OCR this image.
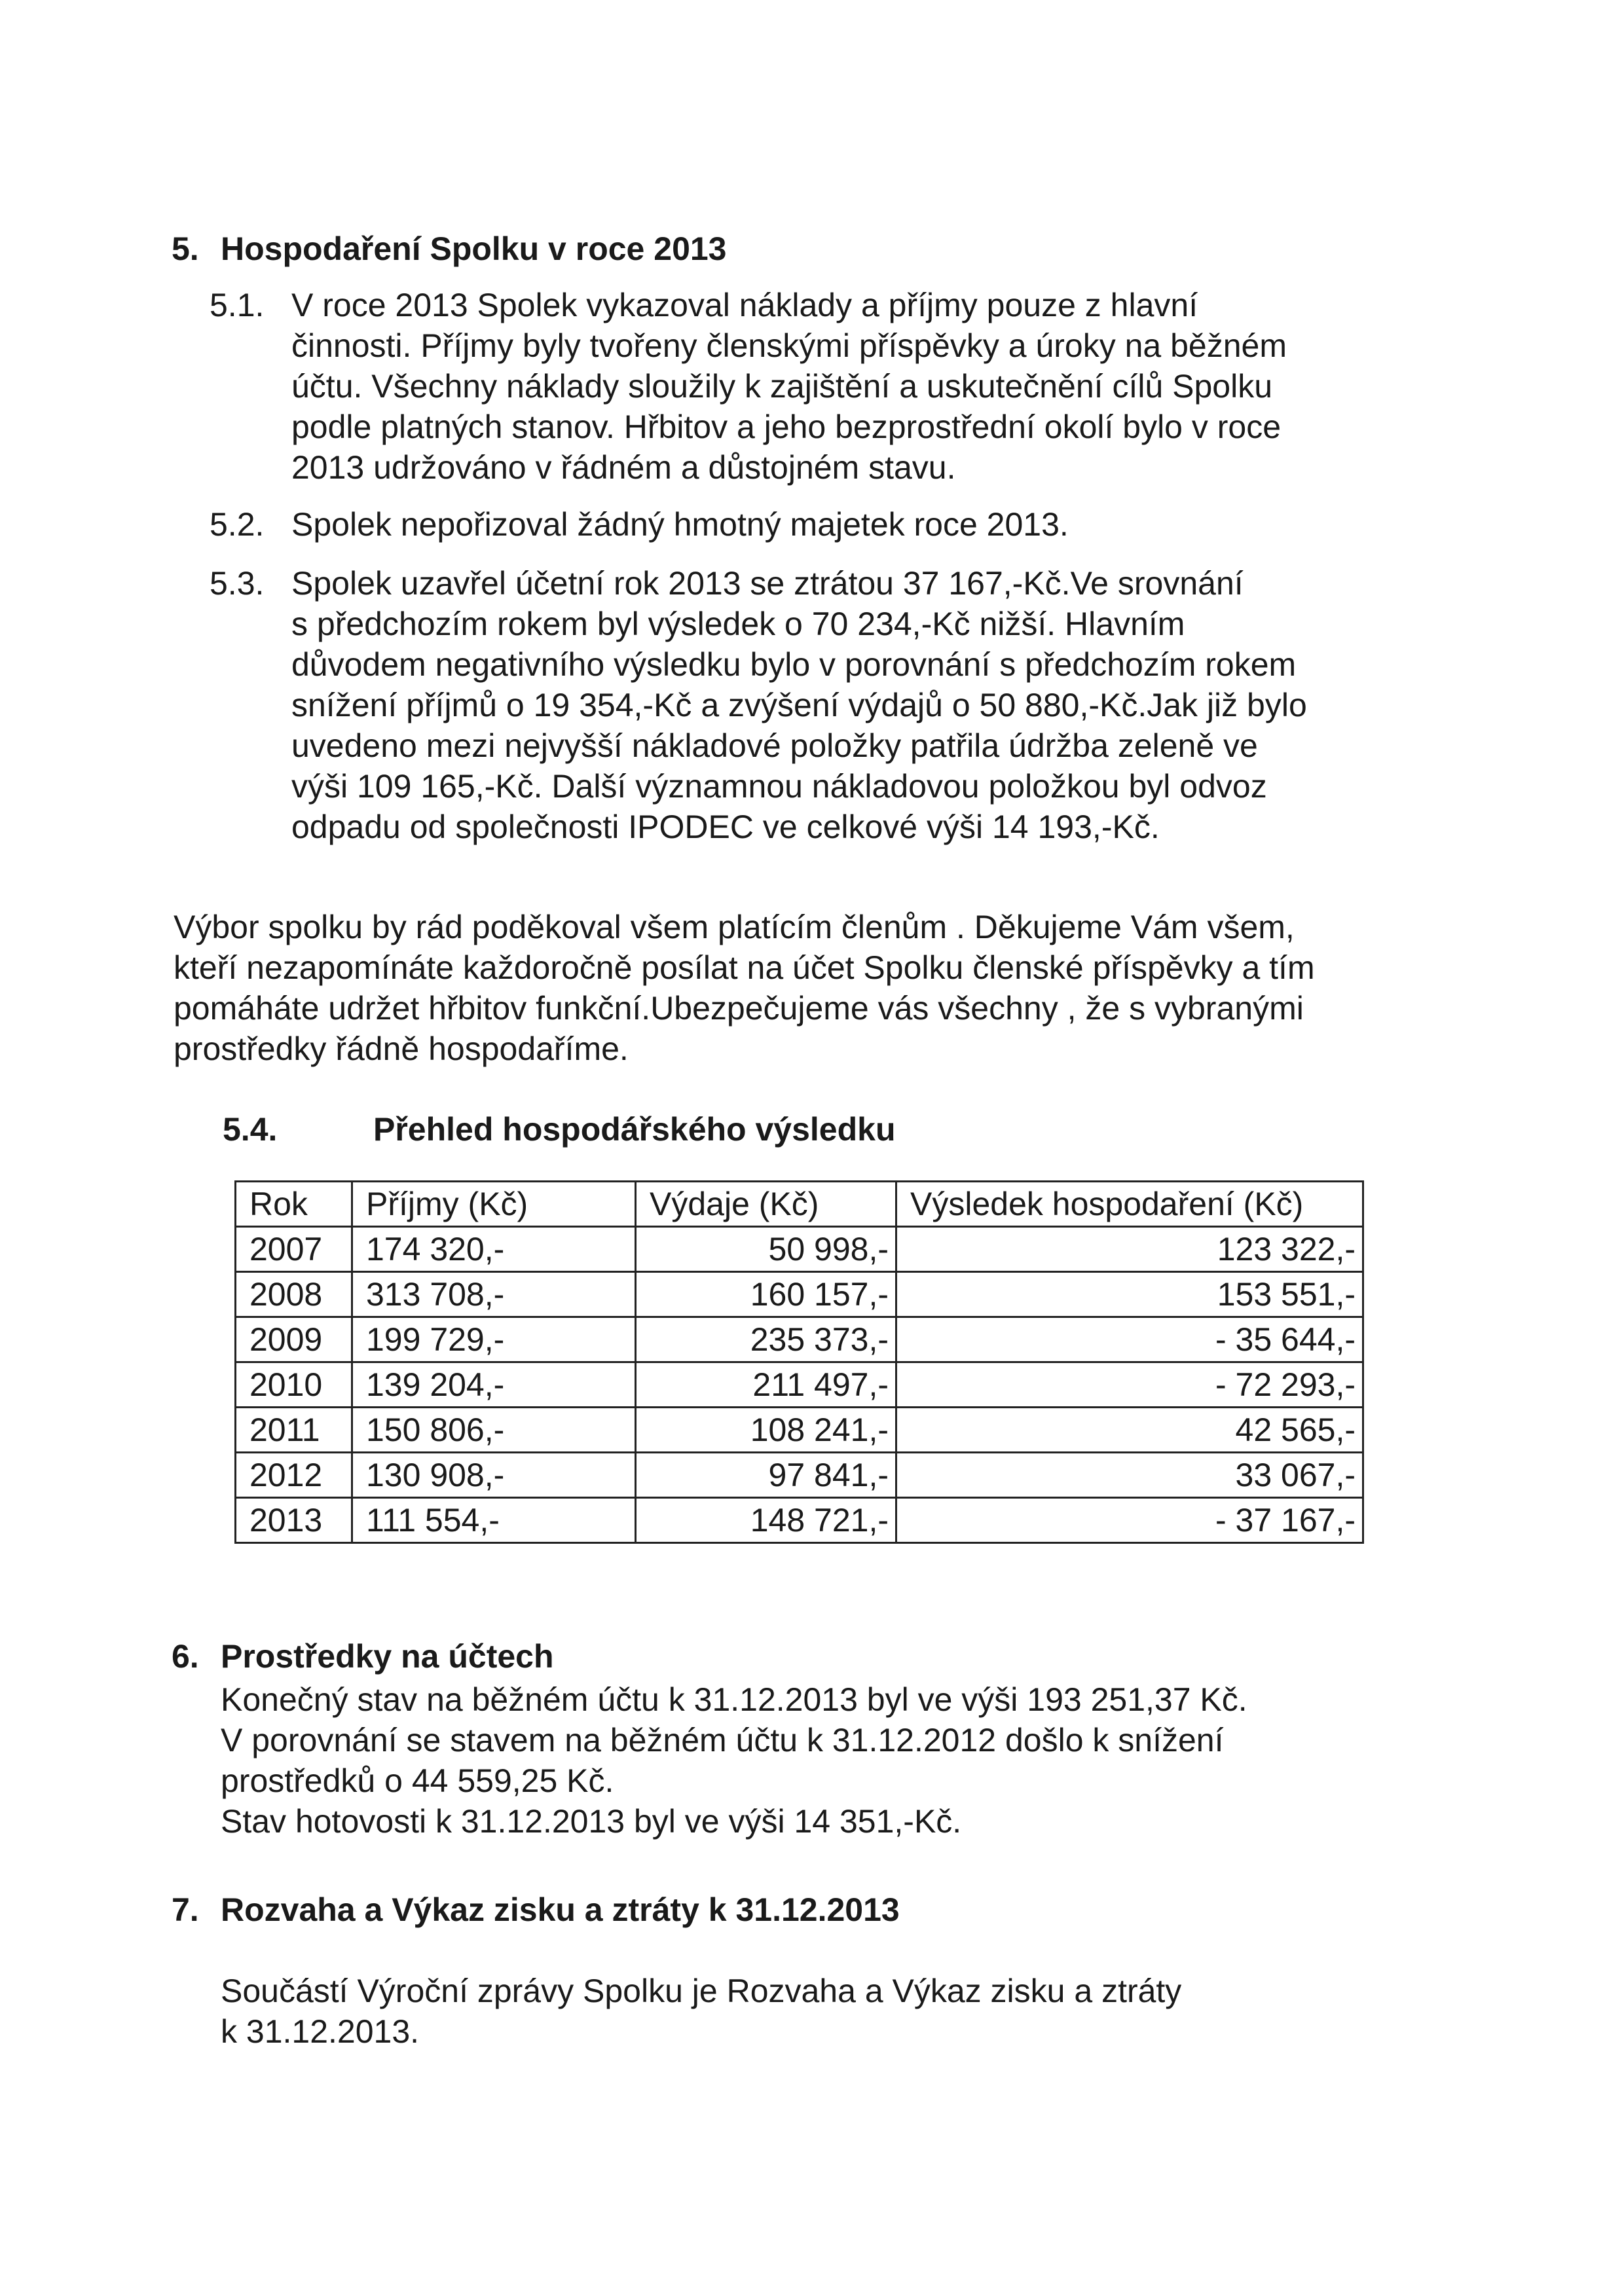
5. Hospodaření Spolku v roce 2013
5.1. V roce 2013 Spolek vykazoval náklady a příjmy pouze z hlavní
činnosti. Příjmy byly tvořeny členskými příspěvky a úroky na běžném
účtu. Všechny náklady sloužily k zajištění a uskutečnění cílů Spolku
podle platných stanov. Hřbitov a jeho bezprostřední okolí bylo v roce
2013 udržováno v řádném a důstojném stavu.
5.2. Spolek nepořizoval žádný hmotný majetek roce 2013.
5.3. Spolek uzavřel účetní rok 2013 se ztrátou 37 167,-Kč.Ve srovnání
s předchozím rokem byl výsledek o 70 234,-Kč nižší. Hlavním
důvodem negativního výsledku bylo v porovnání s předchozím rokem
snížení příjmů o 19 354,-Kč a zvýšení výdajů o 50 880,-Kč.Jak již bylo
uvedeno mezi nejvyšší nákladové položky patřila údržba zeleně ve
výši 109 165,-Kč. Další významnou nákladovou položkou byl odvoz
odpadu od společnosti IPODEC ve celkové výši 14 193,-Kč.
Výbor spolku by rád poděkoval všem platícím členům . Děkujeme Vám všem,
kteří nezapomínáte každoročně posílat na účet Spolku členské příspěvky a tím
pomáháte udržet hřbitov funkční.Ubezpečujeme vás všechny , že s vybranými
prostředky řádně hospodaříme.
5.4.	Přehled hospodářského výsledku
Rok	Příjmy (Kč)	Výdaje (Kč)	Výsledek hospodaření (Kč)
2007	174 320,-	50 998,-	123 322,-
2008	313 708,-	160 157,-	153 551,-
2009	199 729,-	235 373,-	- 35 644,-
2010	139 204,-	211 497,-	- 72 293,-
2011	150 806,-	108 241,-	42 565,-
2012	130 908,-	97 841,-	33 067,-
2013	111 554,-	148 721,-	- 37 167,-
6. Prostředky na účtech
Konečný stav na běžném účtu k 31.12.2013 byl ve výši 193 251,37 Kč.
V porovnání se stavem na běžném účtu k 31.12.2012 došlo k snížení
prostředků o 44 559,25 Kč.
Stav hotovosti k 31.12.2013 byl ve výši 14 351,-Kč.
7. Rozvaha a Výkaz zisku a ztráty k 31.12.2013
Součástí Výroční zprávy Spolku je Rozvaha a Výkaz zisku a ztráty
k 31.12.2013.
